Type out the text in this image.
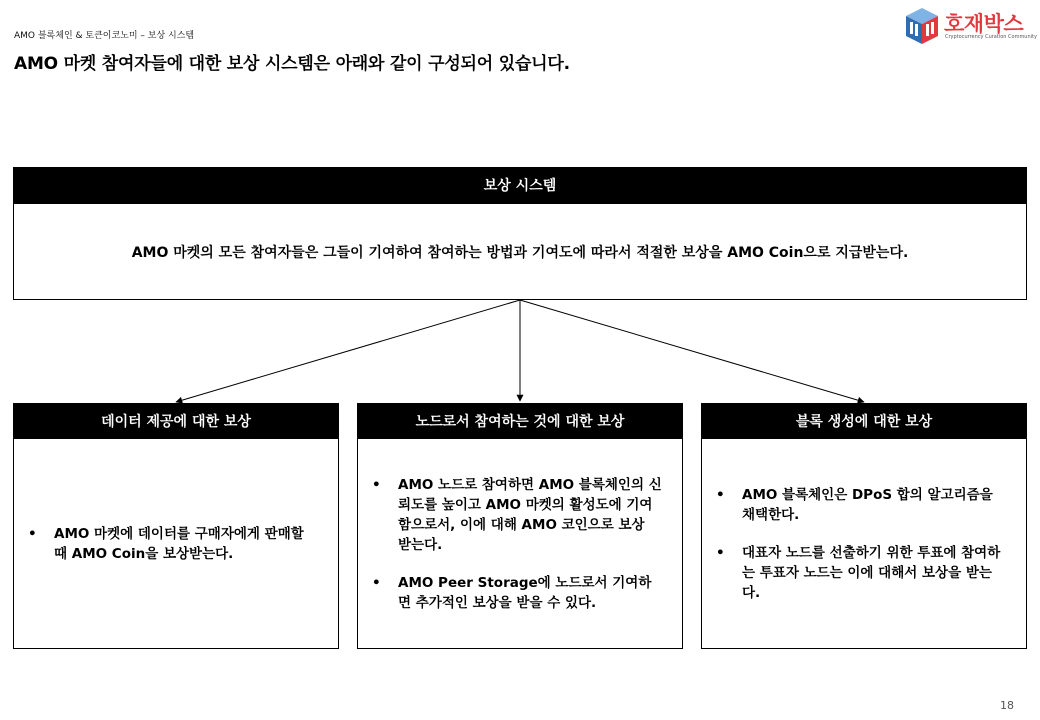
AMO 블록체인 & 토큰이코노미 – 보상 시스템
AMO 마켓 참여자들에 대한 보상 시스템은 아래와 같이 구성되어 있습니다.
호재박스
Cryptocurrency Curation Community
보상 시스템
AMO 마켓의 모든 참여자들은 그들이 기여하여 참여하는 방법과 기여도에 따라서 적절한 보상을 AMO Coin으로 지급받는다.
데이터 제공에 대한 보상
•	AMO 마켓에 데이터를 구매자에게 판매할 때 AMO Coin을 보상받는다.
노드로서 참여하는 것에 대한 보상
•	AMO 노드로 참여하면 AMO 블록체인의 신뢰도를 높이고 AMO 마켓의 활성도에 기여함으로서, 이에 대해 AMO 코인으로 보상 받는다.
•	AMO Peer Storage에 노드로서 기여하면 추가적인 보상을 받을 수 있다.
블록 생성에 대한 보상
•	AMO 블록체인은 DPoS 합의 알고리즘을 채택한다.
•	대표자 노드를 선출하기 위한 투표에 참여하는 투표자 노드는 이에 대해서 보상을 받는다.
18
